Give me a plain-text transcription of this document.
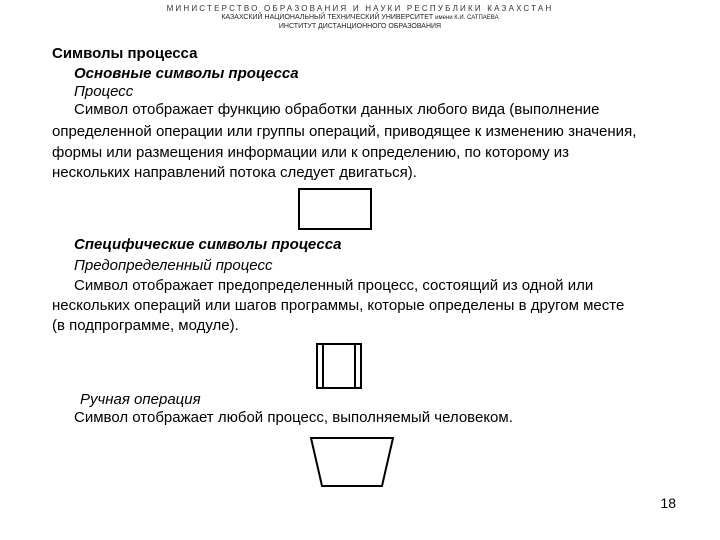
МИНИСТЕРСТВО ОБРАЗОВАНИЯ И НАУКИ РЕСПУБЛИКИ КАЗАХСТАН
КАЗАХСКИЙ НАЦИОНАЛЬНЫЙ ТЕХНИЧЕСКИЙ УНИВЕРСИТЕТ имени К.И. САТПАЕВА
ИНСТИТУТ ДИСТАНЦИОННОГО ОБРАЗОВАНИЯ
Символы процесса
Основные символы процесса
Процесс
Символ отображает функцию обработки данных любого вида (выполнение
определенной операции или группы операций, приводящее к изменению значения,
формы или размещения информации или к определению, по которому из
нескольких направлений потока следует двигаться).
Специфические символы процесса
Предопределенный процесс
Символ отображает предопределенный процесс, состоящий из одной или
нескольких операций или шагов программы, которые определены в другом месте
(в подпрограмме, модуле).
Ручная операция
Символ отображает любой процесс, выполняемый человеком.
18
